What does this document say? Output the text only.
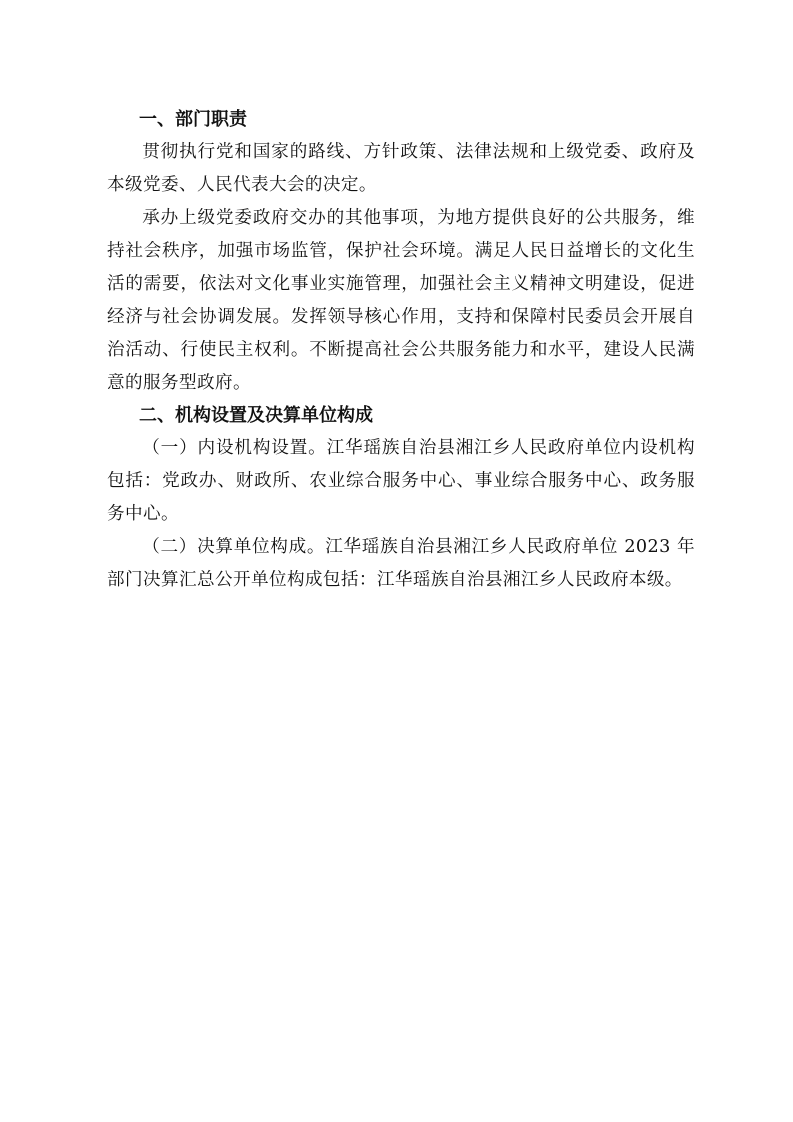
一、部门职责

贯彻执行党和国家的路线、方针政策、法律法规和上级党委、政府及本级党委、人民代表大会的决定。

承办上级党委政府交办的其他事项，为地方提供良好的公共服务，维持社会秩序，加强市场监管，保护社会环境。满足人民日益增长的文化生活的需要，依法对文化事业实施管理，加强社会主义精神文明建设，促进经济与社会协调发展。发挥领导核心作用，支持和保障村民委员会开展自治活动、行使民主权利。不断提高社会公共服务能力和水平，建设人民满意的服务型政府。

二、机构设置及决算单位构成

（一）内设机构设置。江华瑶族自治县湘江乡人民政府单位内设机构包括：党政办、财政所、农业综合服务中心、事业综合服务中心、政务服务中心。

（二）决算单位构成。江华瑶族自治县湘江乡人民政府单位 2023 年部门决算汇总公开单位构成包括：江华瑶族自治县湘江乡人民政府本级。
